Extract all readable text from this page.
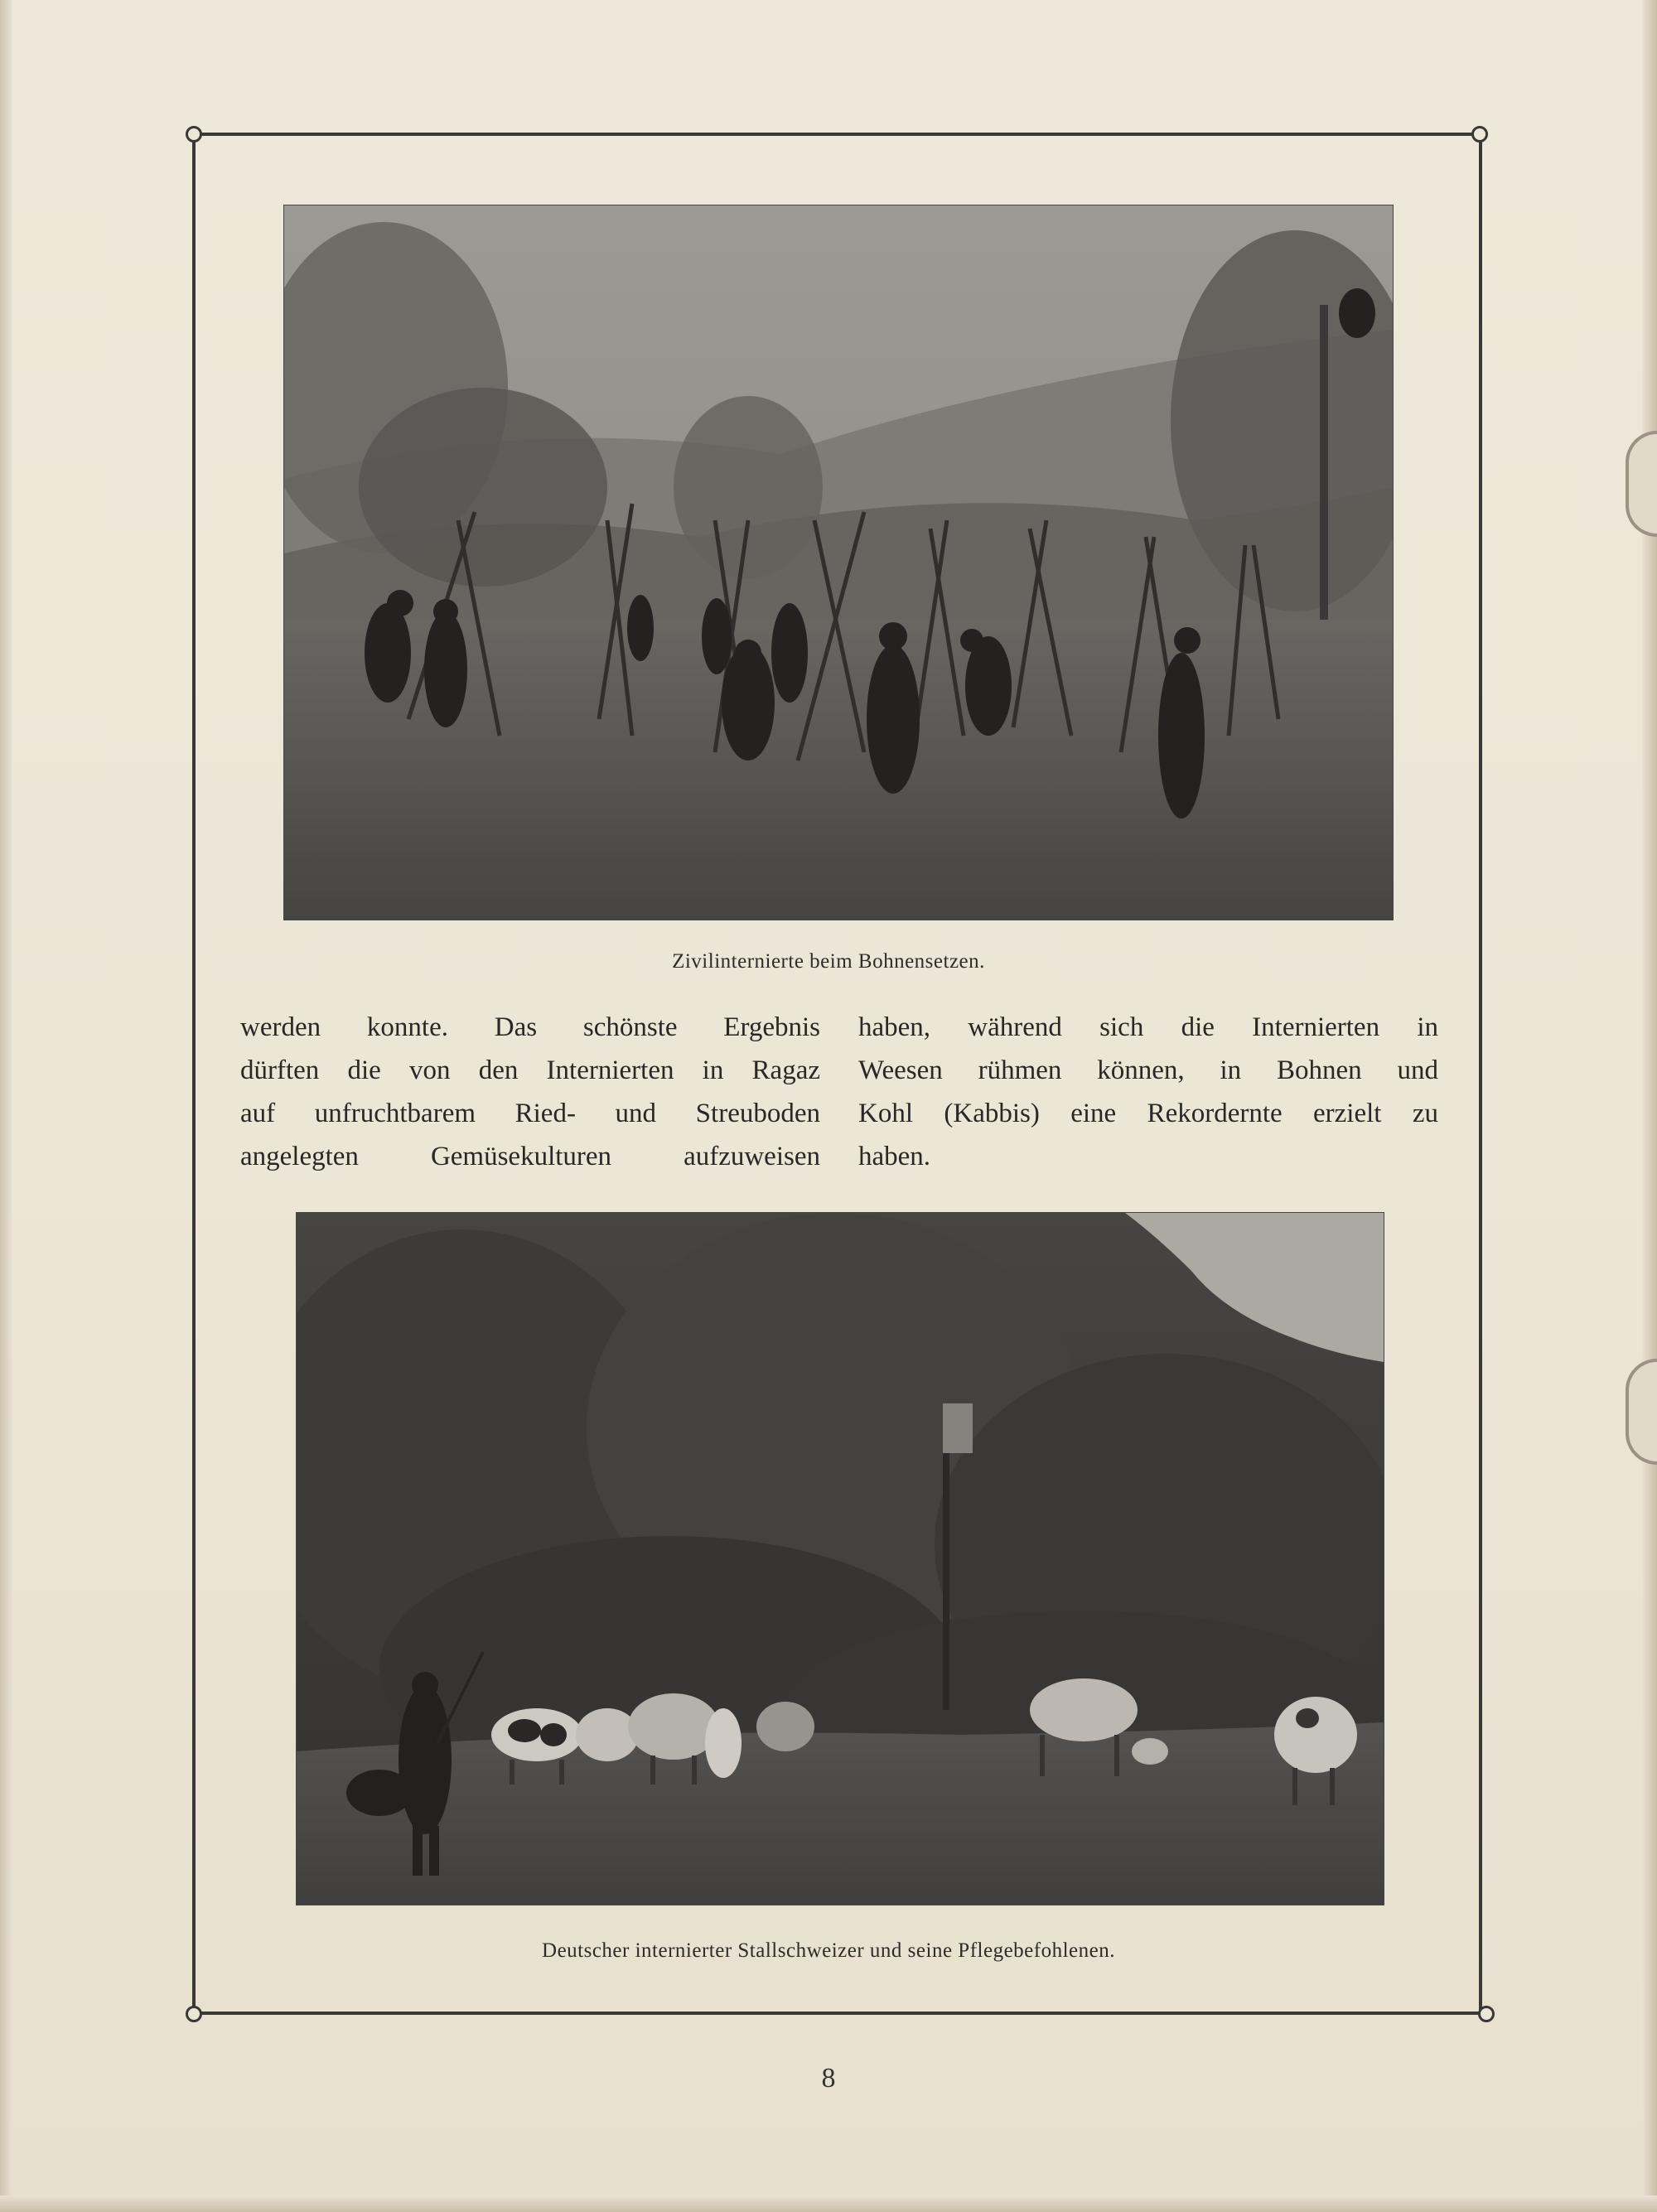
Zivilinternierte beim Bohnensetzen.
werden konnte. Das schönste Ergebnis
dürften die von den Internierten in Ragaz
auf unfruchtbarem Ried- und Streuboden
angelegten Gemüsekulturen aufzuweisen
haben, während sich die Internierten in
Weesen rühmen können, in Bohnen und
Kohl (Kabbis) eine Rekordernte erzielt zu
haben.
Deutscher internierter Stallschweizer und seine Pflegebefohlenen.
8
